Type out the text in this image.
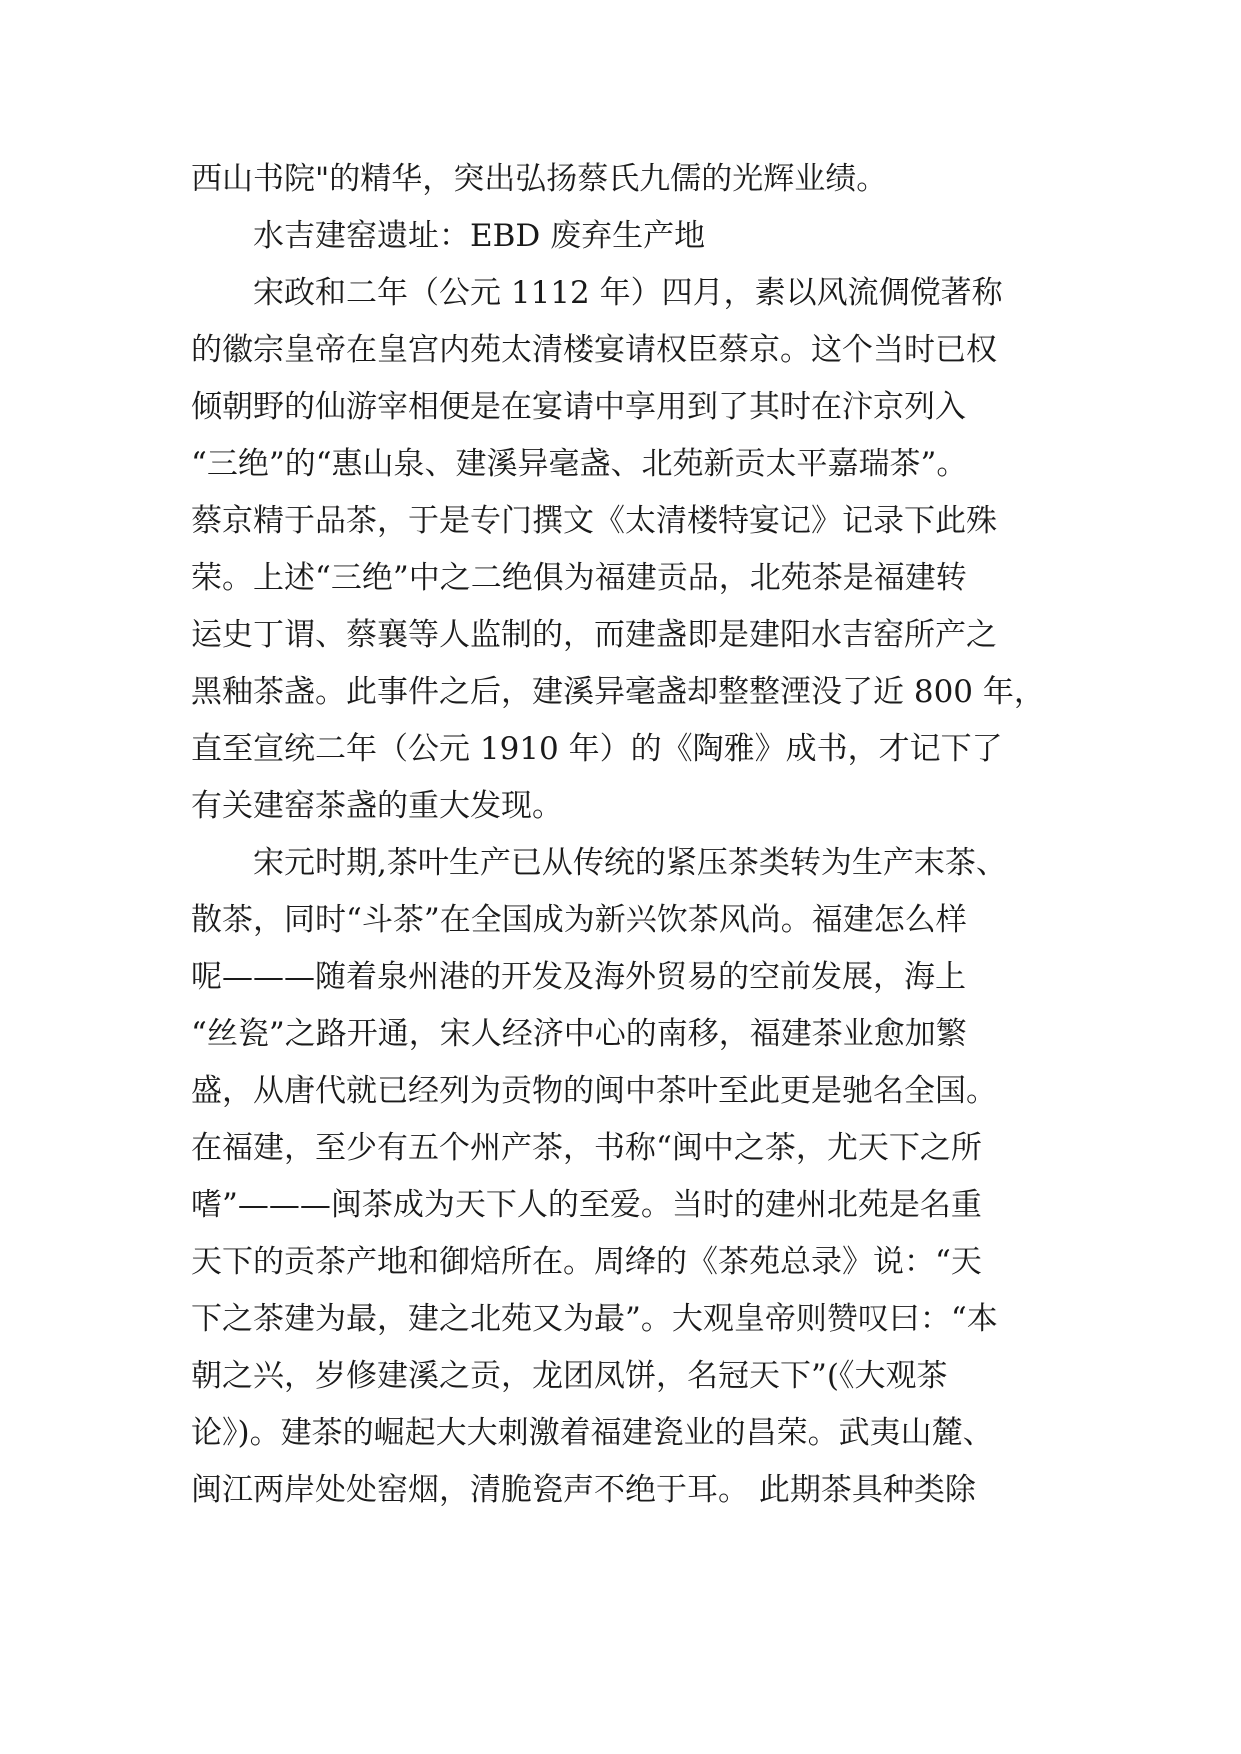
西山书院"的精华，突出弘扬蔡氏九儒的光辉业绩。
水吉建窑遗址：EBD 废弃生产地
宋政和二年（公元 1112 年）四月，素以风流倜傥著称
的徽宗皇帝在皇宫内苑太清楼宴请权臣蔡京。这个当时已权
倾朝野的仙游宰相便是在宴请中享用到了其时在汴京列入
“三绝”的“惠山泉、建溪异毫盏、北苑新贡太平嘉瑞茶”。
蔡京精于品茶，于是专门撰文《太清楼特宴记》记录下此殊
荣。上述“三绝”中之二绝俱为福建贡品，北苑茶是福建转
运史丁谓、蔡襄等人监制的，而建盏即是建阳水吉窑所产之
黑釉茶盏。此事件之后，建溪异毫盏却整整湮没了近 800 年，
直至宣统二年（公元 1910 年）的《陶雅》成书，才记下了
有关建窑茶盏的重大发现。
宋元时期,茶叶生产已从传统的紧压茶类转为生产末茶、
散茶，同时“斗茶”在全国成为新兴饮茶风尚。福建怎么样
呢———随着泉州港的开发及海外贸易的空前发展，海上
“丝瓷”之路开通，宋人经济中心的南移，福建茶业愈加繁
盛，从唐代就已经列为贡物的闽中茶叶至此更是驰名全国。
在福建，至少有五个州产茶，书称“闽中之茶，尤天下之所
嗜”———闽茶成为天下人的至爱。当时的建州北苑是名重
天下的贡茶产地和御焙所在。周绛的《茶苑总录》说：“天
下之茶建为最，建之北苑又为最”。大观皇帝则赞叹曰：“本
朝之兴，岁修建溪之贡，龙团凤饼，名冠天下”(《大观茶
论》)。建茶的崛起大大刺激着福建瓷业的昌荣。武夷山麓、
闽江两岸处处窑烟，清脆瓷声不绝于耳。 此期茶具种类除
